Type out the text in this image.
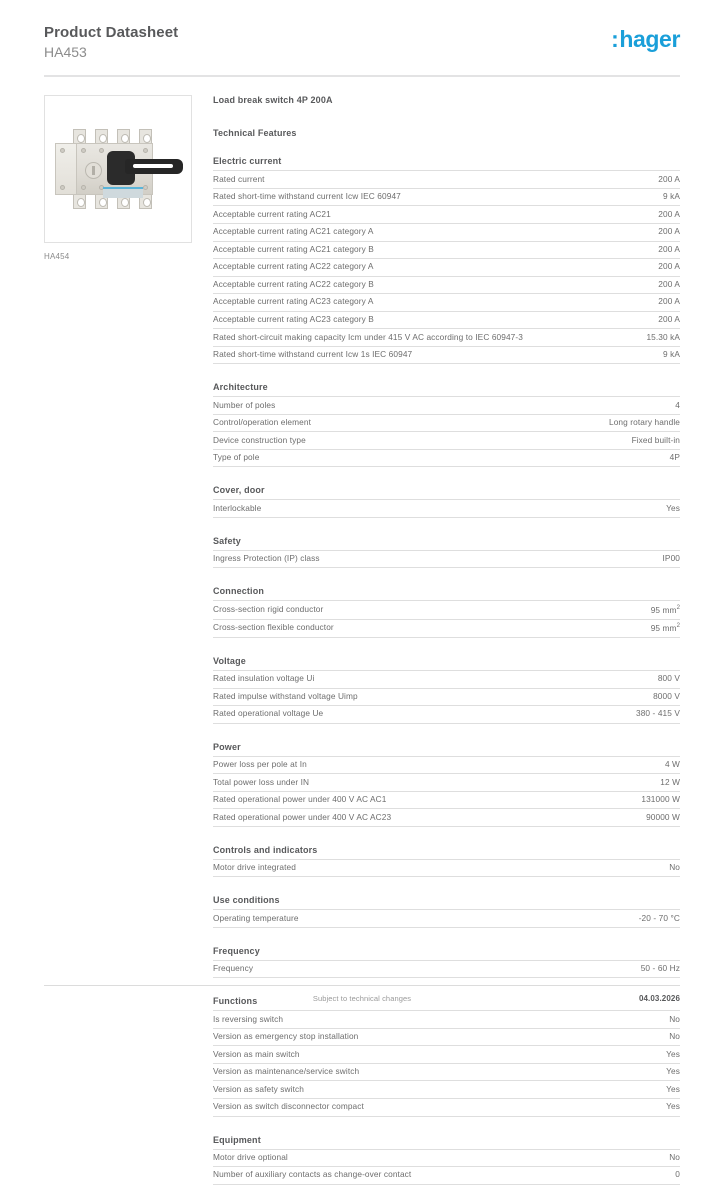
Product Datasheet
HA453
:hager
HA454
Load break switch 4P 200A
Technical Features
Electric current
Rated current	200 A
Rated short-time withstand current Icw IEC 60947	9 kA
Acceptable current rating AC21	200 A
Acceptable current rating AC21 category A	200 A
Acceptable current rating AC21 category B	200 A
Acceptable current rating AC22 category A	200 A
Acceptable current rating AC22 category B	200 A
Acceptable current rating AC23 category A	200 A
Acceptable current rating AC23 category B	200 A
Rated short-circuit making capacity Icm under 415 V AC according to IEC 60947-3	15.30 kA
Rated short-time withstand current Icw 1s IEC 60947	9 kA
Architecture
Number of poles	4
Control/operation element	Long rotary handle
Device construction type	Fixed built-in
Type of pole	4P
Cover, door
Interlockable	Yes
Safety
Ingress Protection (IP) class	IP00
Connection
Cross-section rigid conductor	95 $mm^2$
Cross-section flexible conductor	95 $mm^2$
Voltage
Rated insulation voltage Ui	800 V
Rated impulse withstand voltage Uimp	8000 V
Rated operational voltage Ue	380 - 415 V
Power
Power loss per pole at In	4 W
Total power loss under IN	12 W
Rated operational power under 400 V AC AC1	131000 W
Rated operational power under 400 V AC AC23	90000 W
Controls and indicators
Motor drive integrated	No
Use conditions
Operating temperature	-20 - 70 °C
Frequency
Frequency	50 - 60 Hz
Functions
Is reversing switch	No
Version as emergency stop installation	No
Version as main switch	Yes
Version as maintenance/service switch	Yes
Version as safety switch	Yes
Version as switch disconnector compact	Yes
Equipment
Motor drive optional	No
Number of auxiliary contacts as change-over contact	0
Subject to technical changes	04.03.2026
